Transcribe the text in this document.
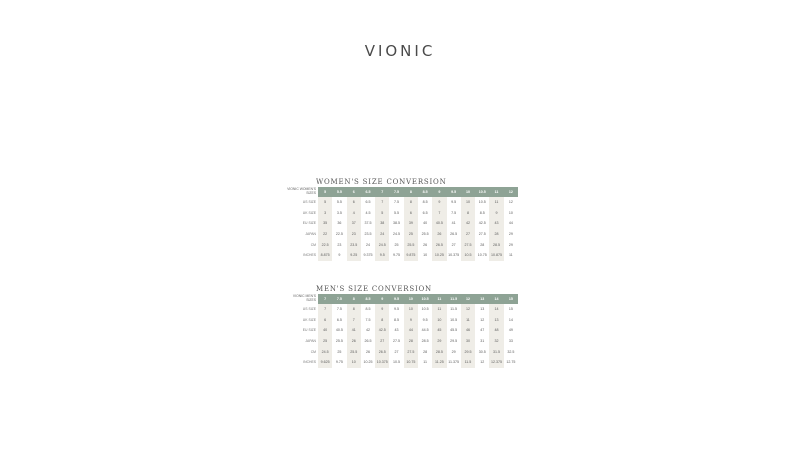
VIONIC
WOMEN'S SIZE CONVERSION
VIONIC WOMEN'S SIZES	5	5.5	6	6.5	7	7.5	8	8.5	9	9.5	10	10.5	11	12
US SIZE	5	5.5	6	6.5	7	7.5	8	8.5	9	9.5	10	10.5	11	12
UK SIZE	3	3.5	4	4.5	5	5.5	6	6.5	7	7.5	8	8.5	9	10
EU SIZE	35	36	37	37.5	38	38.5	39	40	40.5	41	42	42.5	43	44
JAPAN	22	22.5	23	23.5	24	24.5	25	25.5	26	26.5	27	27.5	28	29
CM	22.5	23	23.5	24	24.5	25	25.5	26	26.5	27	27.5	28	28.5	29
INCHES	8.875	9	9.25	9.375	9.5	9.75	9.875	10	10.25	10.375	10.5	10.75	10.875	11
MEN'S SIZE CONVERSION
VIONIC MEN'S SIZES	7	7.5	8	8.5	9	9.5	10	10.5	11	11.5	12	13	14	15
US SIZE	7	7.5	8	8.5	9	9.5	10	10.5	11	11.5	12	13	14	15
UK SIZE	6	6.5	7	7.5	8	8.5	9	9.5	10	10.5	11	12	13	14
EU SIZE	40	40.5	41	42	42.5	43	44	44.5	45	45.5	46	47	48	49
JAPAN	25	25.5	26	26.5	27	27.5	28	28.5	29	29.5	30	31	32	33
CM	24.5	25	25.5	26	26.5	27	27.5	28	28.5	29	29.5	30.5	31.5	32.5
INCHES	9.625	9.75	10	10.25	10.375	10.5	10.75	11	11.25	11.375	11.5	12	12.375	12.75
